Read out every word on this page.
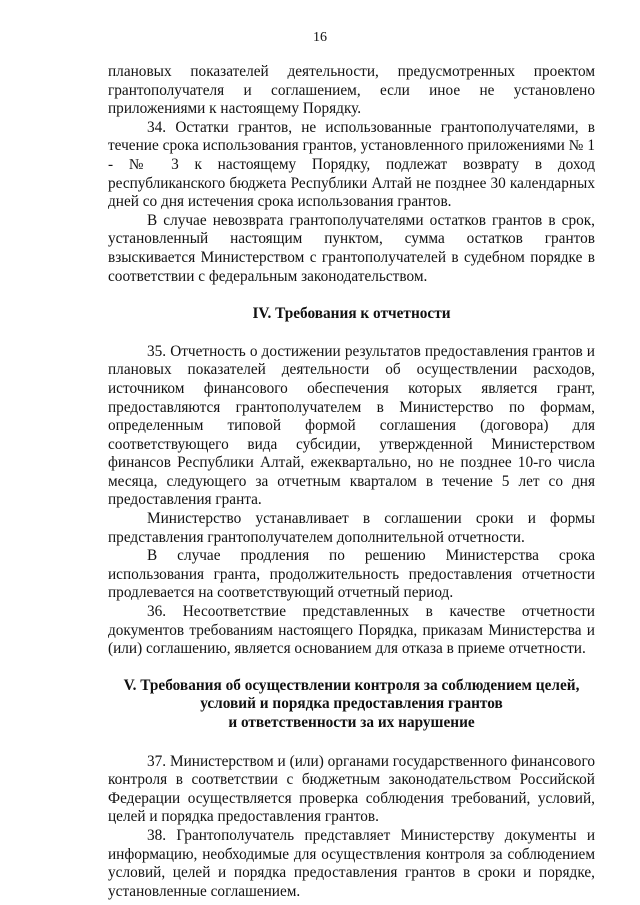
16

плановых показателей деятельности, предусмотренных проектом грантополучателя и соглашением, если иное не установлено приложениями к настоящему Порядку.

34. Остатки грантов, не использованные грантополучателями, в течение срока использования грантов, установленного приложениями № 1 - № 3 к настоящему Порядку, подлежат возврату в доход республиканского бюджета Республики Алтай не позднее 30 календарных дней со дня истечения срока использования грантов.

В случае невозврата грантополучателями остатков грантов в срок, установленный настоящим пунктом, сумма остатков грантов взыскивается Министерством с грантополучателей в судебном порядке в соответствии с федеральным законодательством.

IV. Требования к отчетности

35. Отчетность о достижении результатов предоставления грантов и плановых показателей деятельности об осуществлении расходов, источником финансового обеспечения которых является грант, предоставляются грантополучателем в Министерство по формам, определенным типовой формой соглашения (договора) для соответствующего вида субсидии, утвержденной Министерством финансов Республики Алтай, ежеквартально, но не позднее 10-го числа месяца, следующего за отчетным кварталом в течение 5 лет со дня предоставления гранта.

Министерство устанавливает в соглашении сроки и формы представления грантополучателем дополнительной отчетности.

В случае продления по решению Министерства срока использования гранта, продолжительность предоставления отчетности продлевается на соответствующий отчетный период.

36. Несоответствие представленных в качестве отчетности документов требованиям настоящего Порядка, приказам Министерства и (или) соглашению, является основанием для отказа в приеме отчетности.

V. Требования об осуществлении контроля за соблюдением целей,
условий и порядка предоставления грантов
и ответственности за их нарушение

37. Министерством и (или) органами государственного финансового контроля в соответствии с бюджетным законодательством Российской Федерации осуществляется проверка соблюдения требований, условий, целей и порядка предоставления грантов.

38. Грантополучатель представляет Министерству документы и информацию, необходимые для осуществления контроля за соблюдением условий, целей и порядка предоставления грантов в сроки и порядке, установленные соглашением.
